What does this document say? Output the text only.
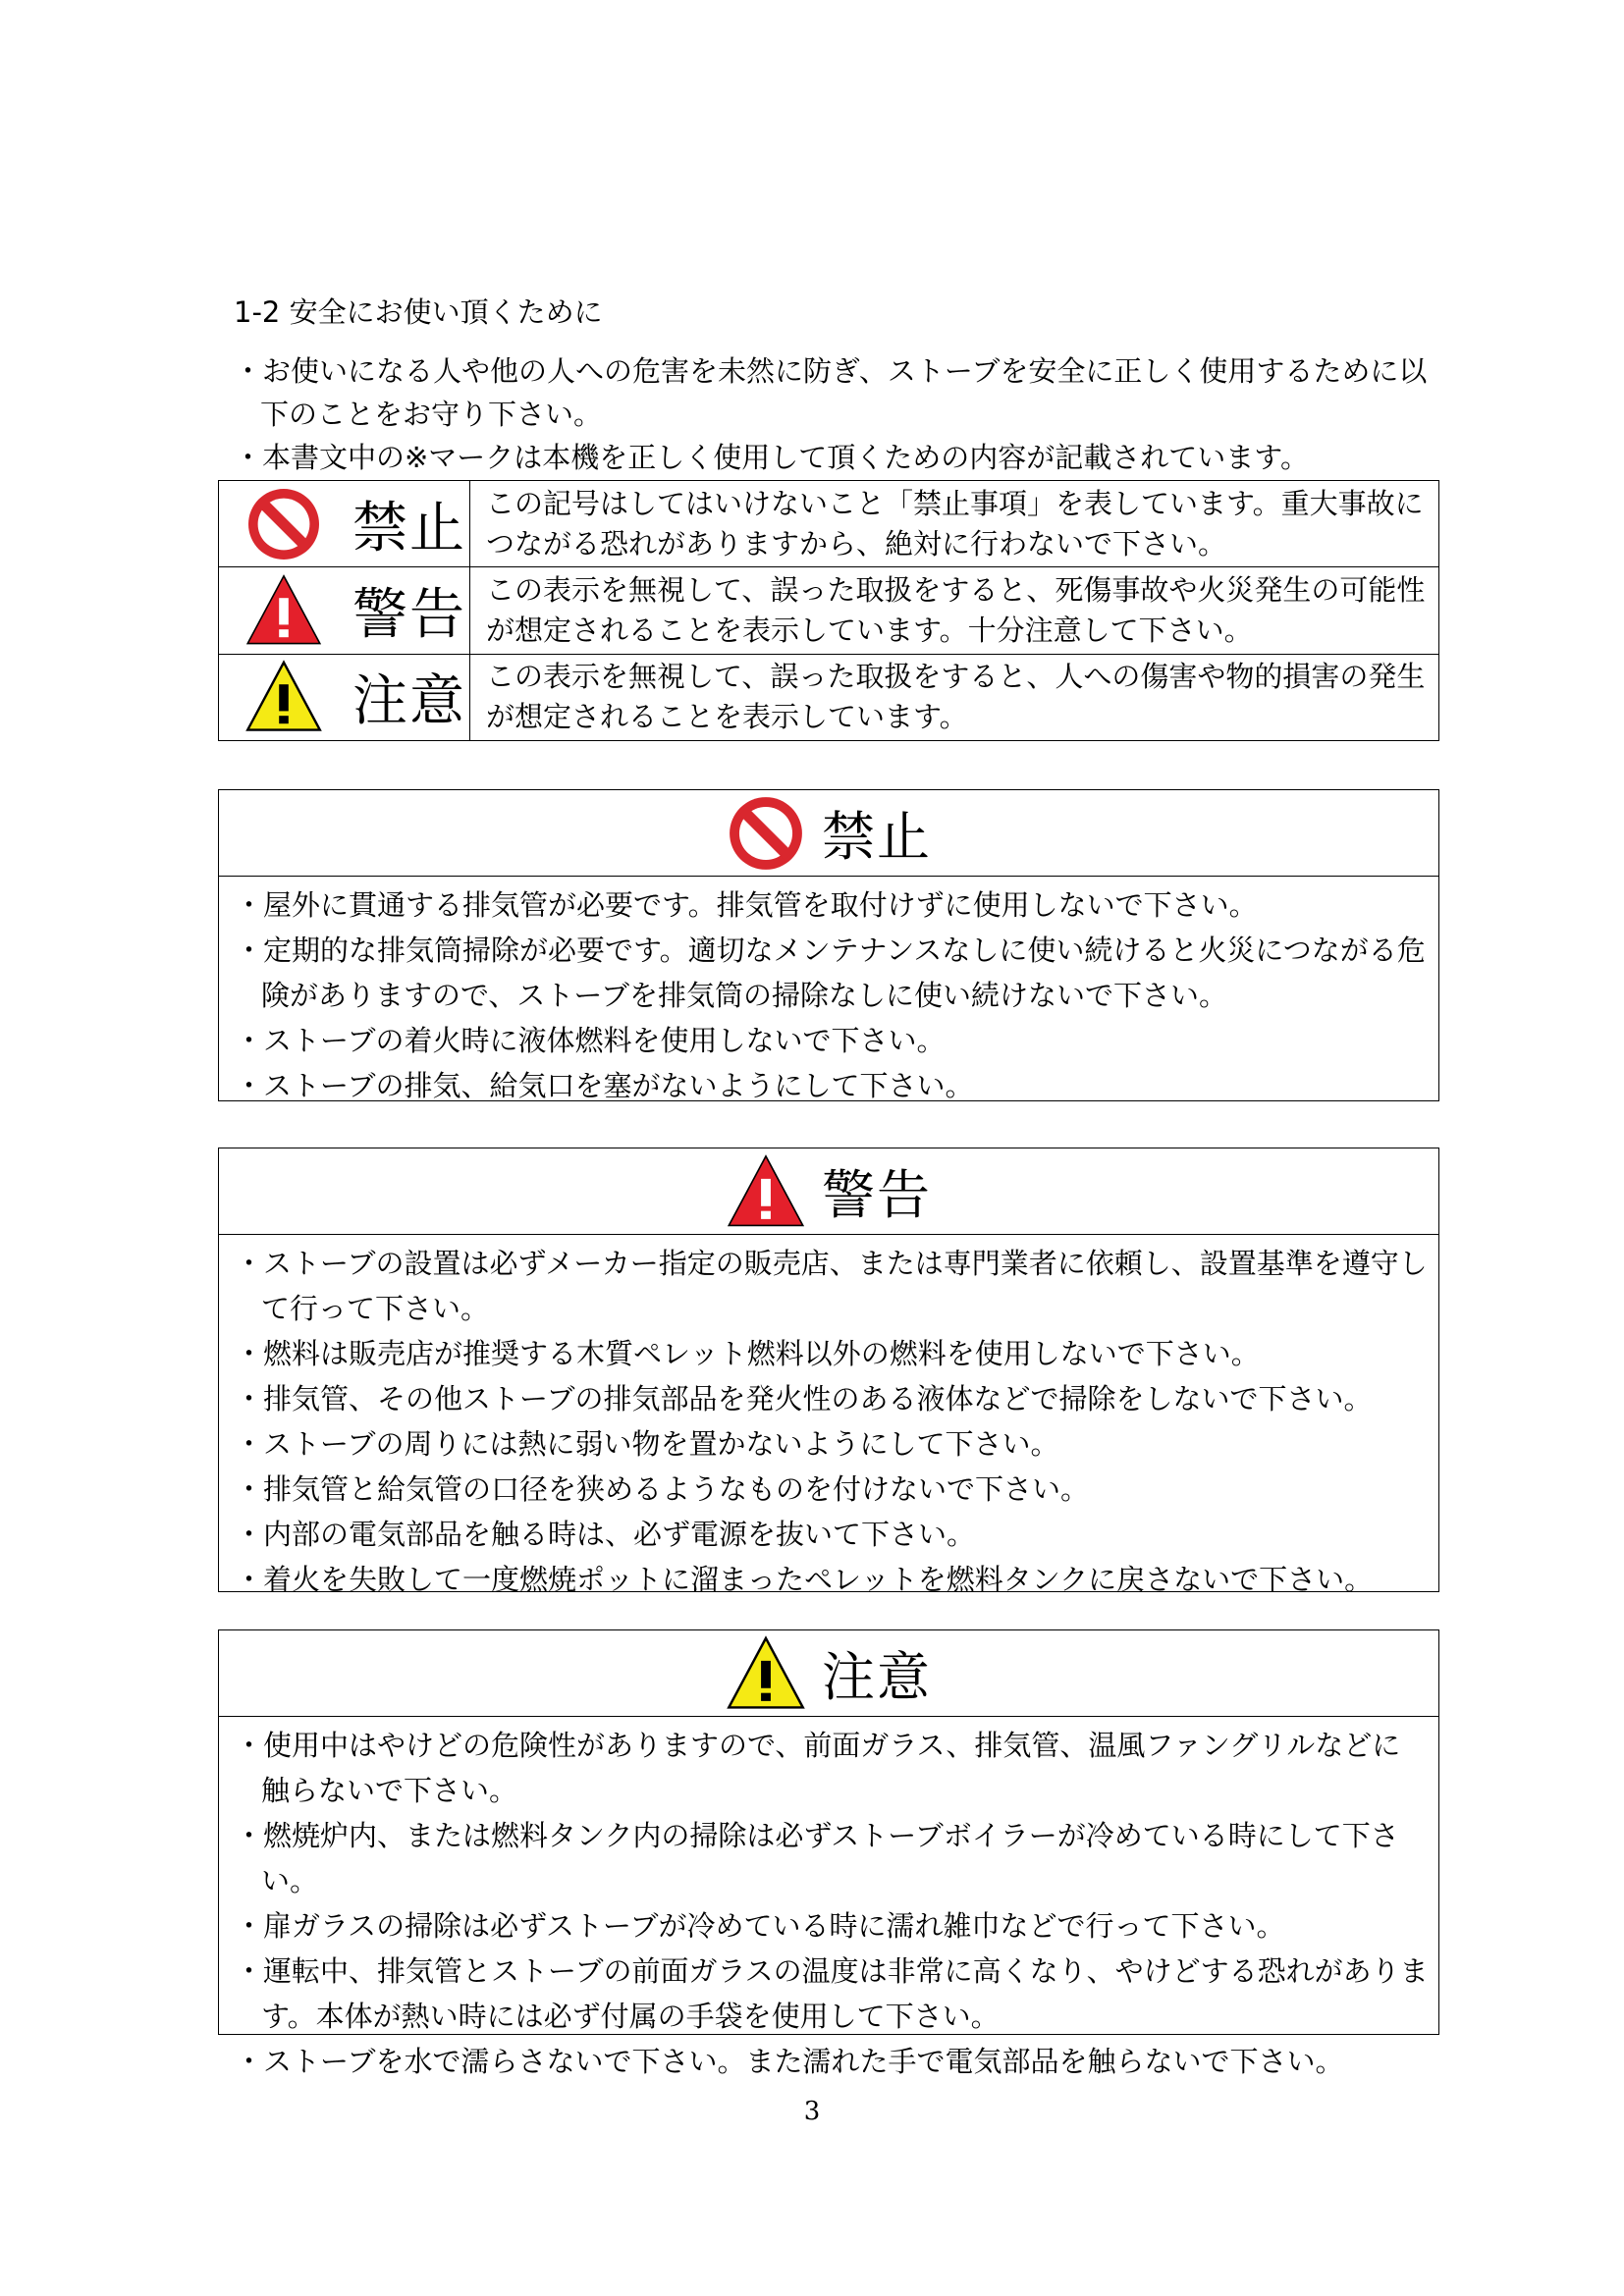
1-2 安全にお使い頂くために
・お使いになる人や他の人への危害を未然に防ぎ、ストーブを安全に正しく使用するために以下のことをお守り下さい。
・本書文中の※マークは本機を正しく使用して頂くための内容が記載されています。
禁止	この記号はしてはいけないこと「禁止事項」を表しています。重大事故につながる恐れがありますから、絶対に行わないで下さい。

警告	この表示を無視して、誤った取扱をすると、死傷事故や火災発生の可能性が想定されることを表示しています。十分注意して下さい。

注意	この表示を無視して、誤った取扱をすると、人への傷害や物的損害の発生が想定されることを表示しています。
禁止
・屋外に貫通する排気管が必要です。排気管を取付けずに使用しないで下さい。
・定期的な排気筒掃除が必要です。適切なメンテナンスなしに使い続けると火災につながる危険がありますので、ストーブを排気筒の掃除なしに使い続けないで下さい。
・ストーブの着火時に液体燃料を使用しないで下さい。
・ストーブの排気、給気口を塞がないようにして下さい。
警告
・ストーブの設置は必ずメーカー指定の販売店、または専門業者に依頼し、設置基準を遵守して行って下さい。
・燃料は販売店が推奨する木質ペレット燃料以外の燃料を使用しないで下さい。
・排気管、その他ストーブの排気部品を発火性のある液体などで掃除をしないで下さい。
・ストーブの周りには熱に弱い物を置かないようにして下さい。
・排気管と給気管の口径を狭めるようなものを付けないで下さい。
・内部の電気部品を触る時は、必ず電源を抜いて下さい。
・着火を失敗して一度燃焼ポットに溜まったペレットを燃料タンクに戻さないで下さい。
注意
・使用中はやけどの危険性がありますので、前面ガラス、排気管、温風ファングリルなどに触らないで下さい。
・燃焼炉内、または燃料タンク内の掃除は必ずストーブボイラーが冷めている時にして下さい。
・扉ガラスの掃除は必ずストーブが冷めている時に濡れ雑巾などで行って下さい。
・運転中、排気管とストーブの前面ガラスの温度は非常に高くなり、やけどする恐れがあります。本体が熱い時には必ず付属の手袋を使用して下さい。
・ストーブを水で濡らさないで下さい。また濡れた手で電気部品を触らないで下さい。
3
